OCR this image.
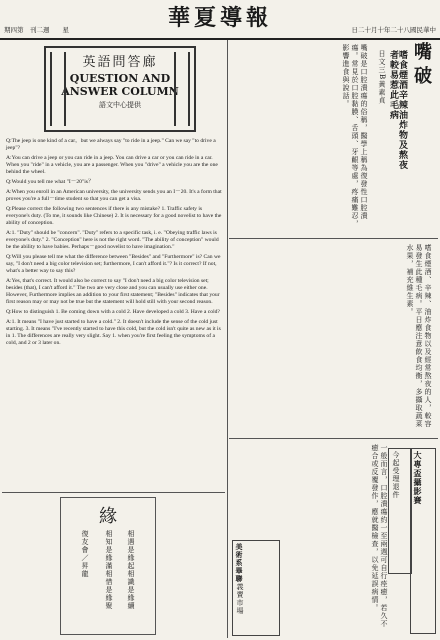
期四第　刊二週　　星	華夏導報	日二十月十年二十八國民華中
英語問答廊
QUESTION AND ANSWER COLUMN
語文中心提供

Q:The jeep is one kind of a car，but we always say "to ride in a jeep." Can we say "to drive a jeep"?

A:You can drive a jeep or you can ride in a jeep. You can drive a car or you can ride in a car. When you "ride" in a vehicle, you are a passenger. When you "drive" a vehicle you are the one behind the wheel.

Q:Would you tell me what "I－20"is？

A:When you enroll in an American university, the university sends you an I－20. It's a form that proves you're a full－time student so that you can get a visa.

Q:Please correct the following two sentences if there is any mistake? 1. Traffic safety is everyone's duty. (To me, it sounds like Chinese) 2. It is necessary for a good novelist to have the ability of conception.

A:1. "Duty" should be "concern". "Duty" refers to a specific task, i. e. "Obeying traffic laws is everyone's duty." 2. "Conception" here is not the right word. "The ability of conception" would be the ability to have babies. Perhaps－good novelist to have imagination."

Q:Will you please tell me what the difference between "Besides" and "Furthermore" is? Can we say, "I don't need a big color television set; furthermore, I can't afford it."? Is it correct? If not, what's a better way to say this?

A:Yes, that's correct. It would also be correct to say "I don't need a big color television set; besides (that), I can't afford it." The two are very close and you can usually use either one. However, Furthermore implies an addition to your first statement; "Besides" indicates that your first reason may or may not be true but the statement will hold still with your second reason.

Q:How to distinguish 1. Be coming down with a cold 2. Have developed a cold 3. Have a cold?

A:1. It means "I have just started to have a cold." 2. It doesn't include the sense of the cold just starting. 3. It means "I've recently started to have this cold, but the cold isn't quite as new as it is in 1. The differences are really very slight. Say 1. when you're first feeling the symptoms of a cold, and 2 or 3 later on.

緣
相遇是緣起相識是緣續
相知是緣滿相惜是緣聚
復友會／昇龍
嘴破
嗜食煙酒辛辣油炸物及熬夜者較易惹此毛病
日文三B黃素貞
嘴破是口腔潰瘍的俗稱，醫學上稱為復發性口腔潰瘍。常見於口腔黏膜、舌頭、牙齦等處，疼痛難忍，影響進食與說話。
嗜食煙酒、辛辣、油炸食物以及經常熬夜的人，較容易發生此種毛病。平日應注意飲食均衡，多攝取蔬菜水果，補充維生素。
一般而言，口腔潰瘍約一至兩週可自行痊癒，若久不癒合或反覆發作，應就醫檢查，以免延誤病情。	大專盃攝影賽
今起受理退件
美術系畢聯
義賣市場
